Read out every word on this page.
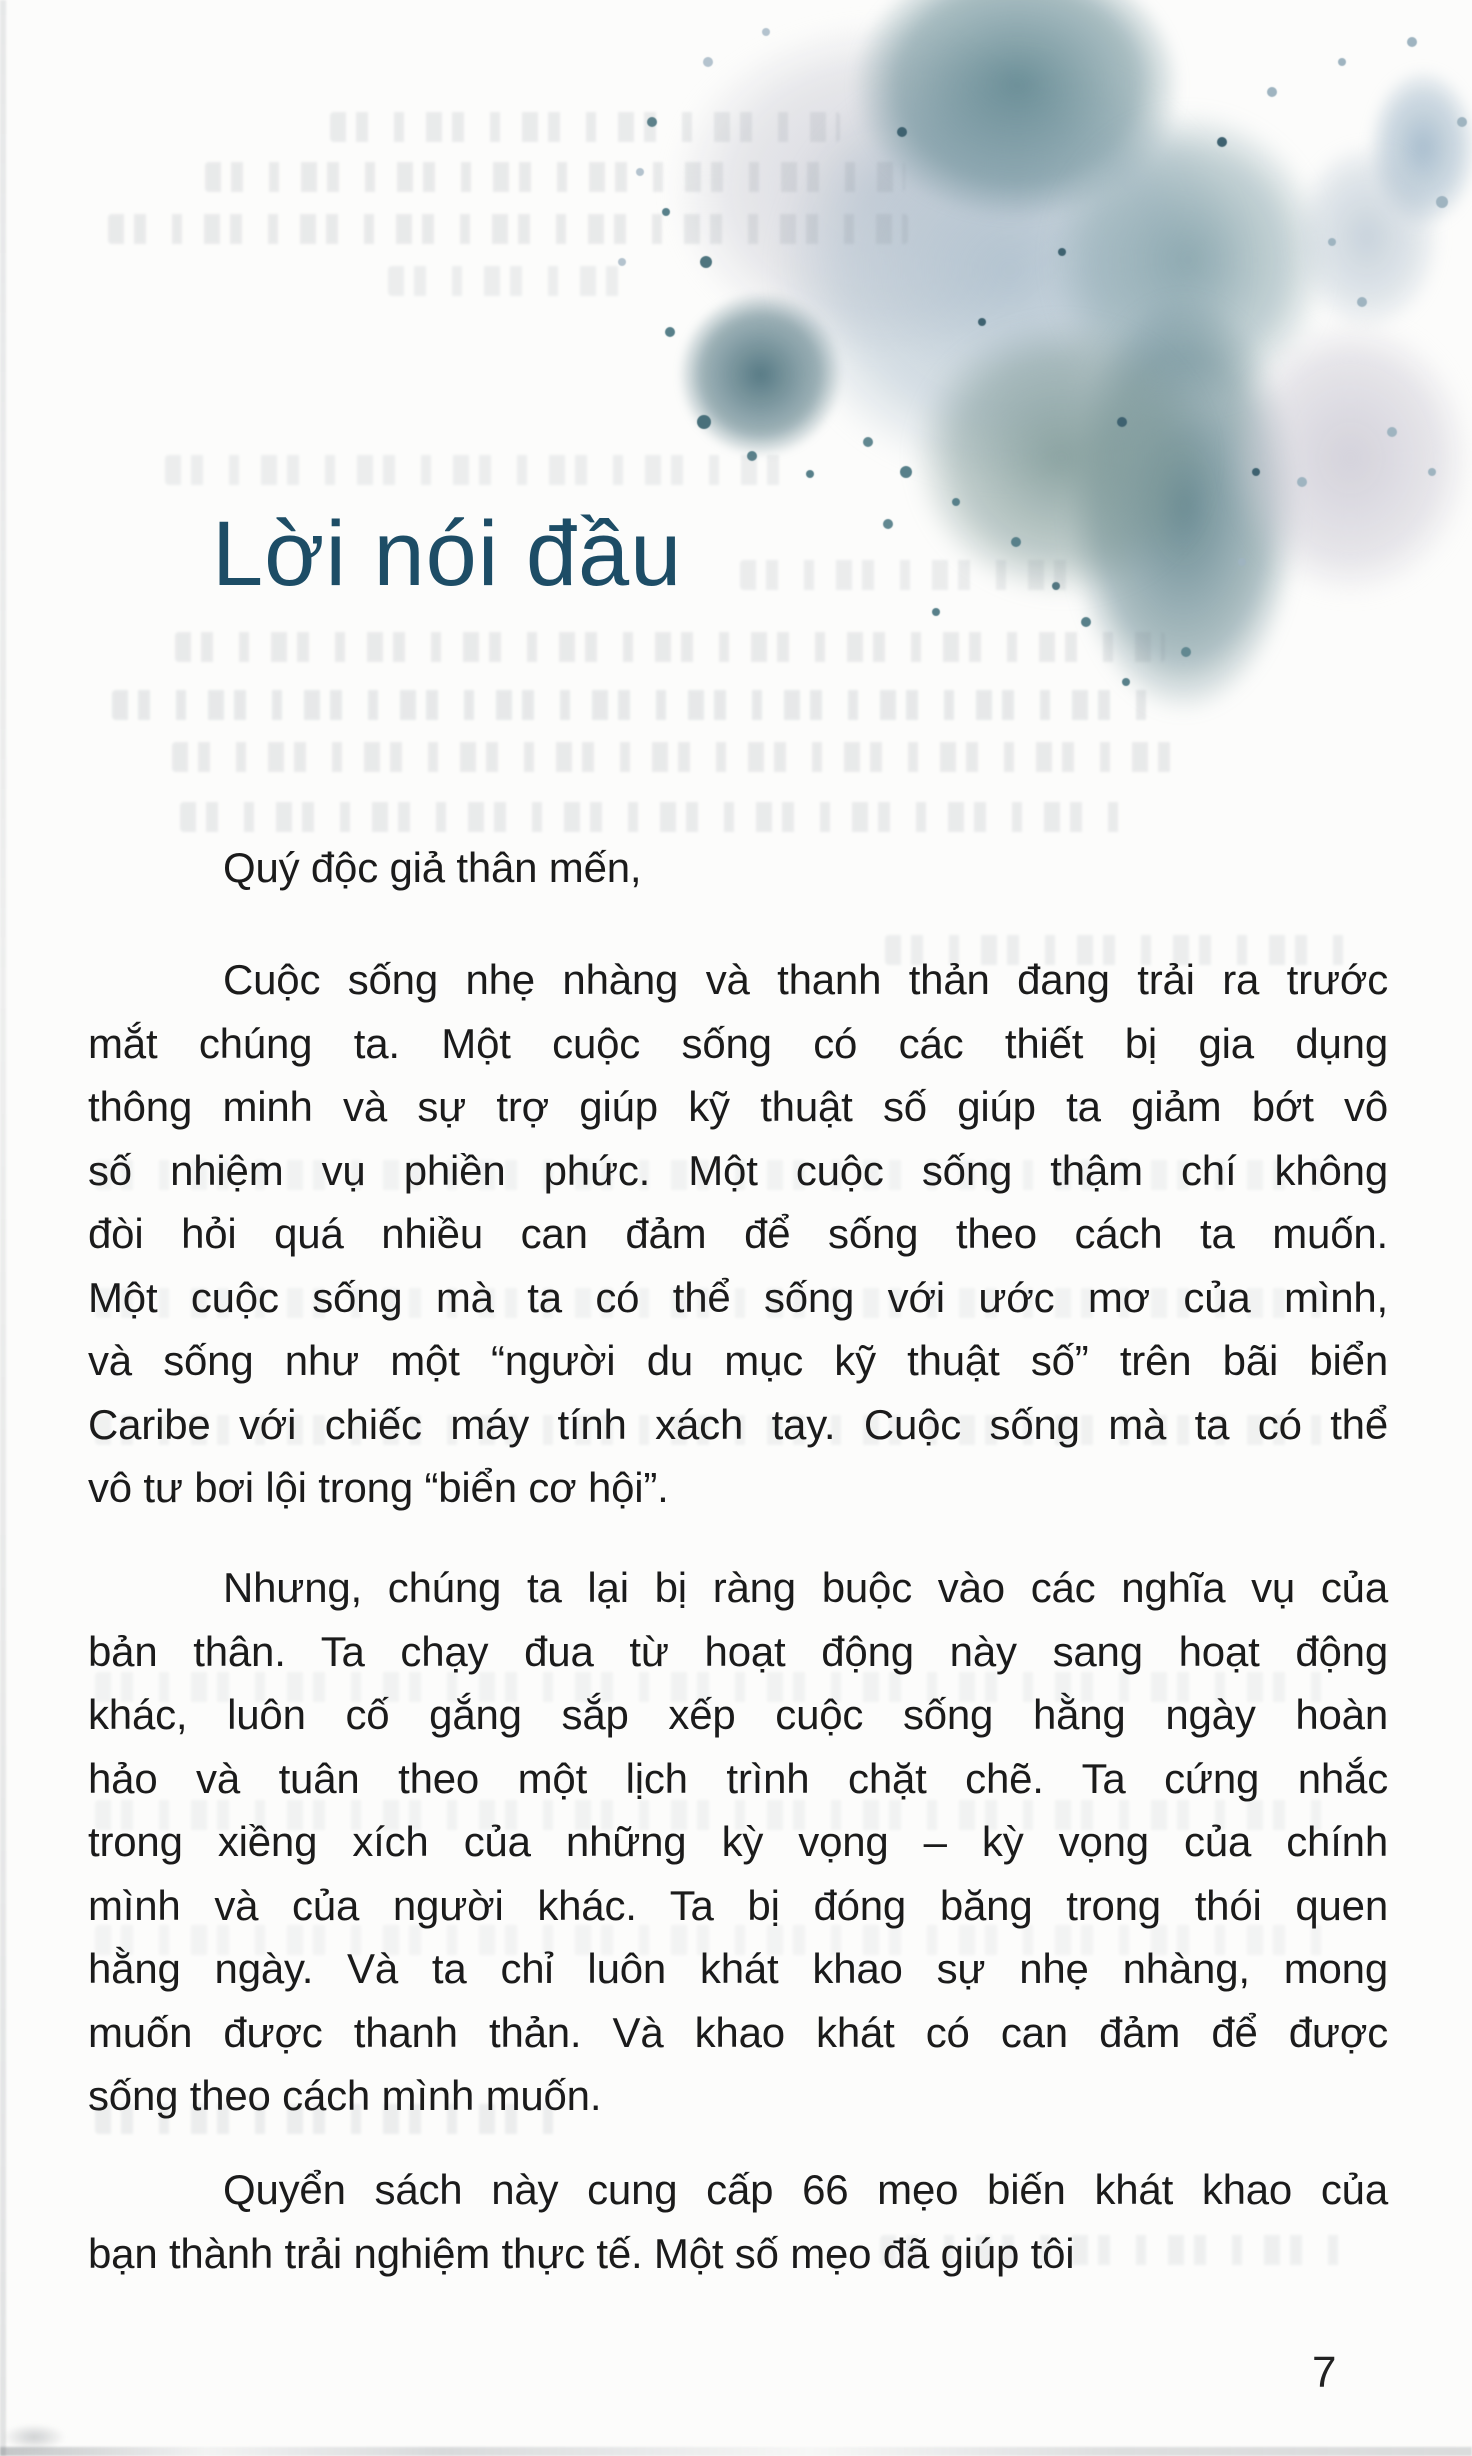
Lời nói đầu
Quý độc giả thân mến,
Cuộc sống nhẹ nhàng và thanh thản đang trải ra trước
mắt chúng ta. Một cuộc sống có các thiết bị gia dụng
thông minh và sự trợ giúp kỹ thuật số giúp ta giảm bớt vô
số nhiệm vụ phiền phức. Một cuộc sống thậm chí không
đòi hỏi quá nhiều can đảm để sống theo cách ta muốn.
Một cuộc sống mà ta có thể sống với ước mơ của mình,
và sống như một “người du mục kỹ thuật số” trên bãi biển
Caribe với chiếc máy tính xách tay. Cuộc sống mà ta có thể
vô tư bơi lội trong “biển cơ hội”.
Nhưng, chúng ta lại bị ràng buộc vào các nghĩa vụ của
bản thân. Ta chạy đua từ hoạt động này sang hoạt động
khác, luôn cố gắng sắp xếp cuộc sống hằng ngày hoàn
hảo và tuân theo một lịch trình chặt chẽ. Ta cứng nhắc
trong xiềng xích của những kỳ vọng – kỳ vọng của chính
mình và của người khác. Ta bị đóng băng trong thói quen
hằng ngày. Và ta chỉ luôn khát khao sự nhẹ nhàng, mong
muốn được thanh thản. Và khao khát có can đảm để được
sống theo cách mình muốn.
Quyển sách này cung cấp 66 mẹo biến khát khao của
bạn thành trải nghiệm thực tế. Một số mẹo đã giúp tôi
7
